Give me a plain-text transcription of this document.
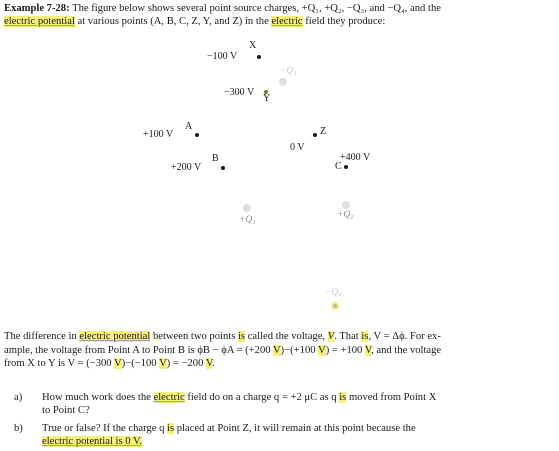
Example 7-28: The figure below shows several point source charges, +Q₁, +Q₂, −Q₃, and −Q₄, and the
electric potential at various points (A, B, C, Z, Y, and Z) in the electric field they produce:
X
−100 V
−Q₃
−300 V
Y
A
+100 V	Z
0 V
B
+200 V
+400 V
C
+Q₂
+Q₁
−Q₄
The difference in electric potential between two points is called the voltage, V. That is, V = Δϕ. For ex-
ample, the voltage from Point A to Point B is ϕB − ϕA = (+200 V)−(+100 V) = +100 V, and the voltage
from X to Y is V = (−300 V)−(−100 V) = −200 V.
a) How much work does the electric field do on a charge q = +2 μC as q is moved from Point X
to Point C?
b) True or false? If the charge q is placed at Point Z, it will remain at this point because the
electric potential is 0 V.
